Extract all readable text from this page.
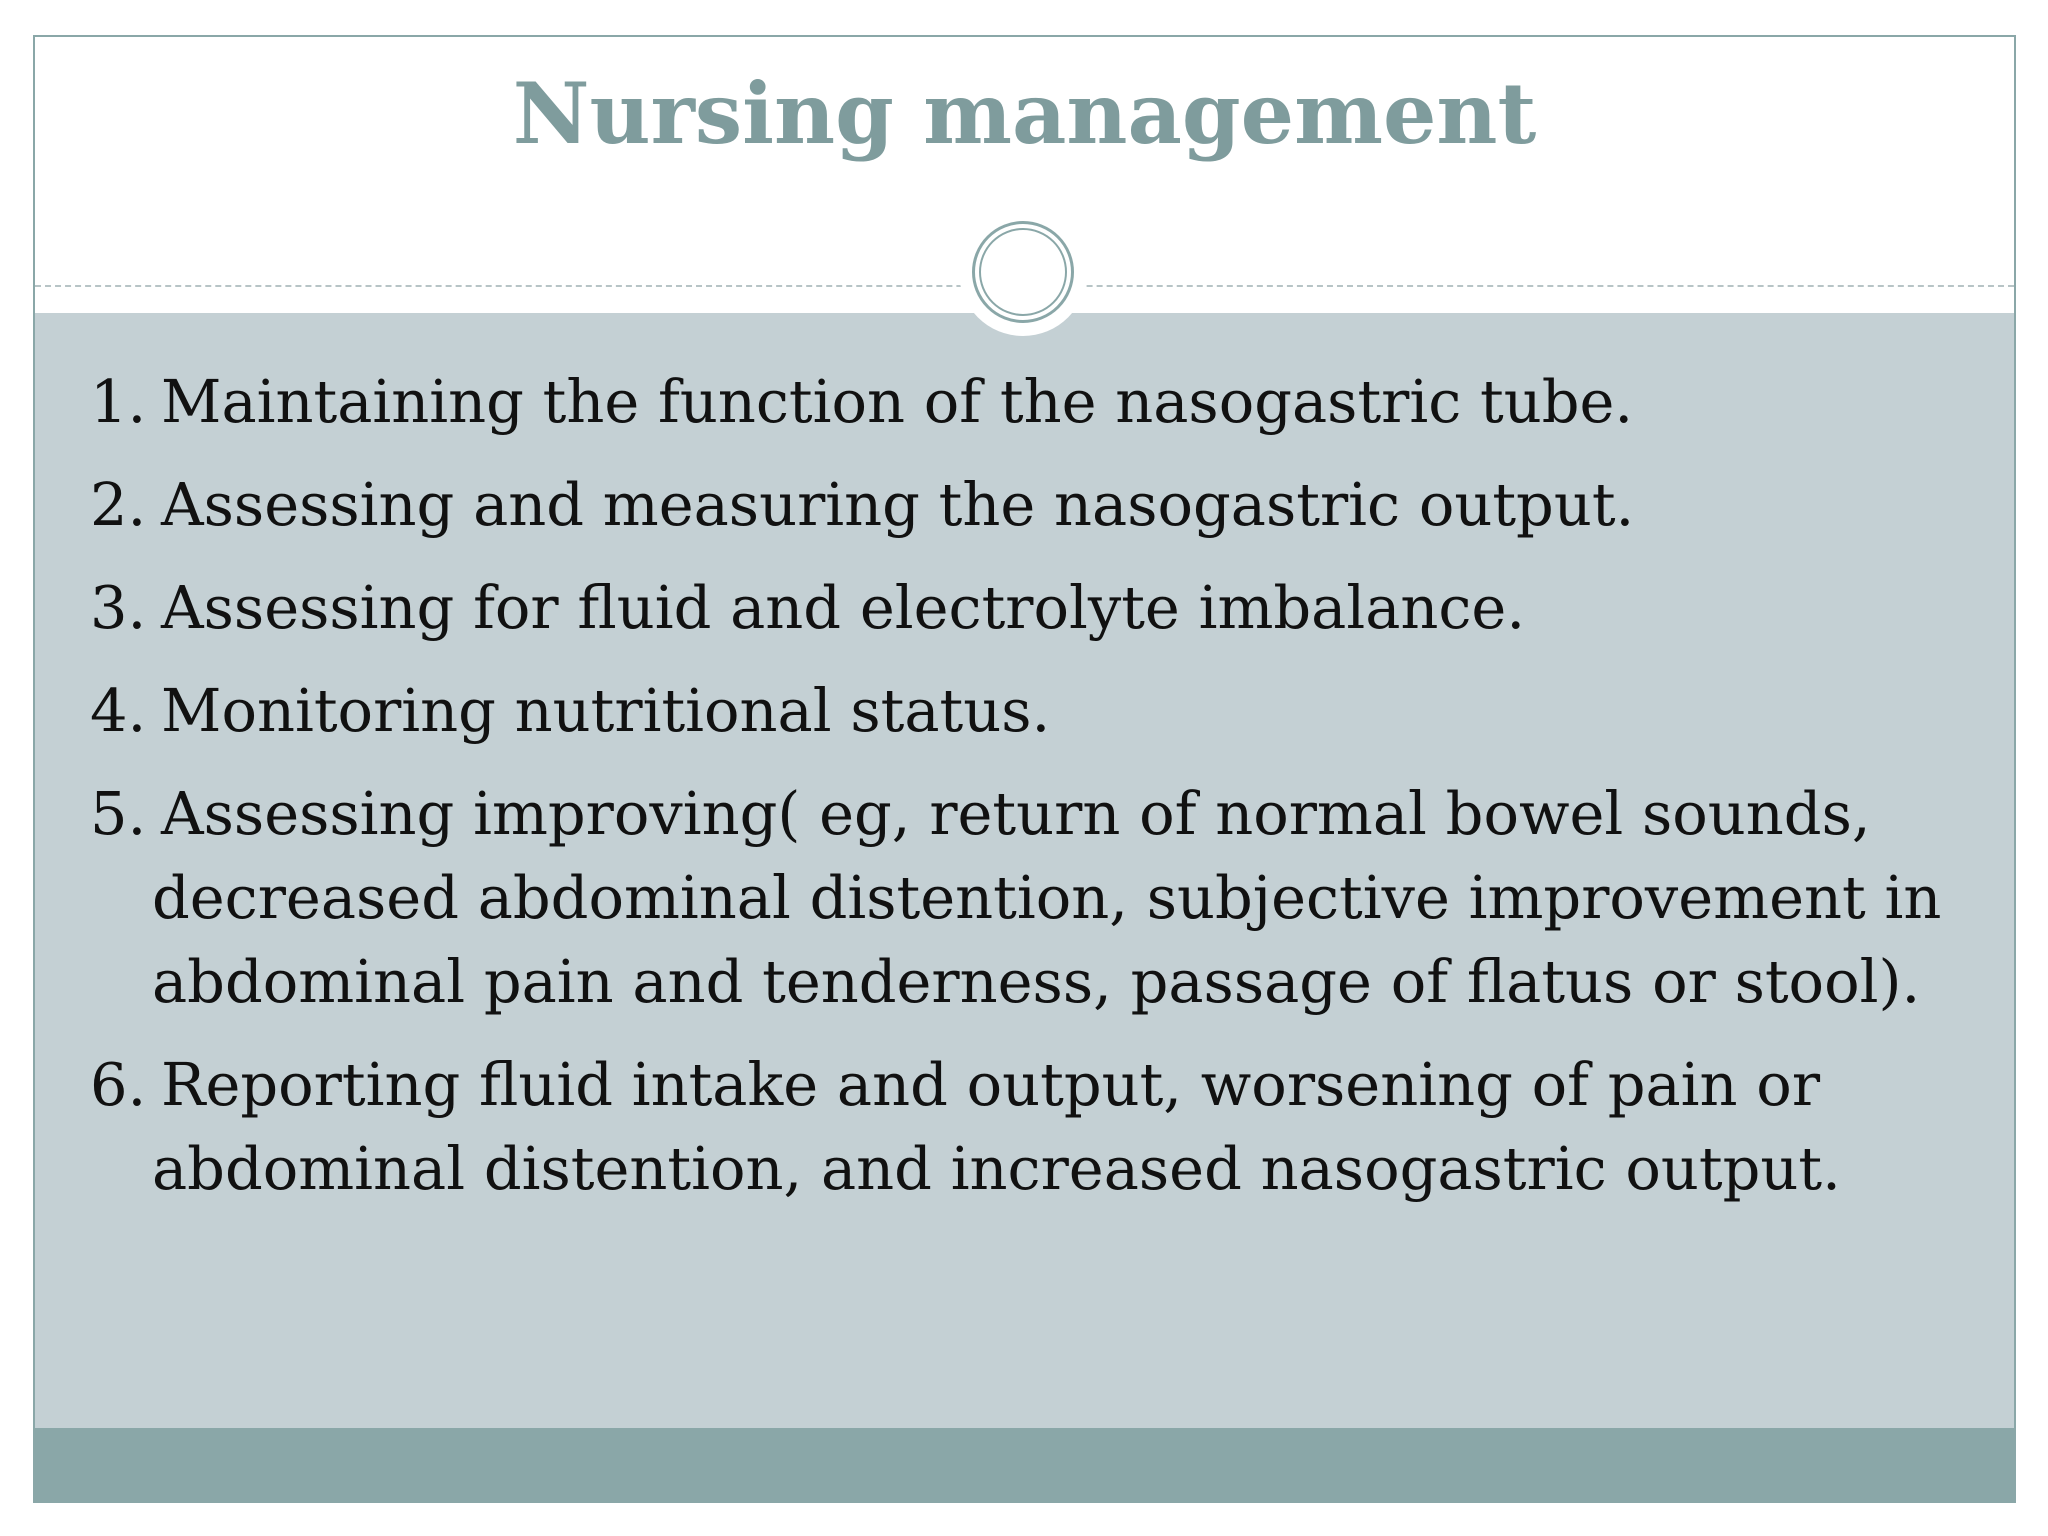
Nursing management
1. Maintaining the function of the nasogastric tube.
2. Assessing and measuring the nasogastric output.
3. Assessing for fluid and electrolyte imbalance.
4. Monitoring nutritional status.
5. Assessing improving( eg, return of normal bowel sounds, decreased abdominal distention, subjective improvement in abdominal pain and tenderness, passage of flatus or stool).
6. Reporting fluid intake and output, worsening of pain or abdominal distention, and increased nasogastric output.
